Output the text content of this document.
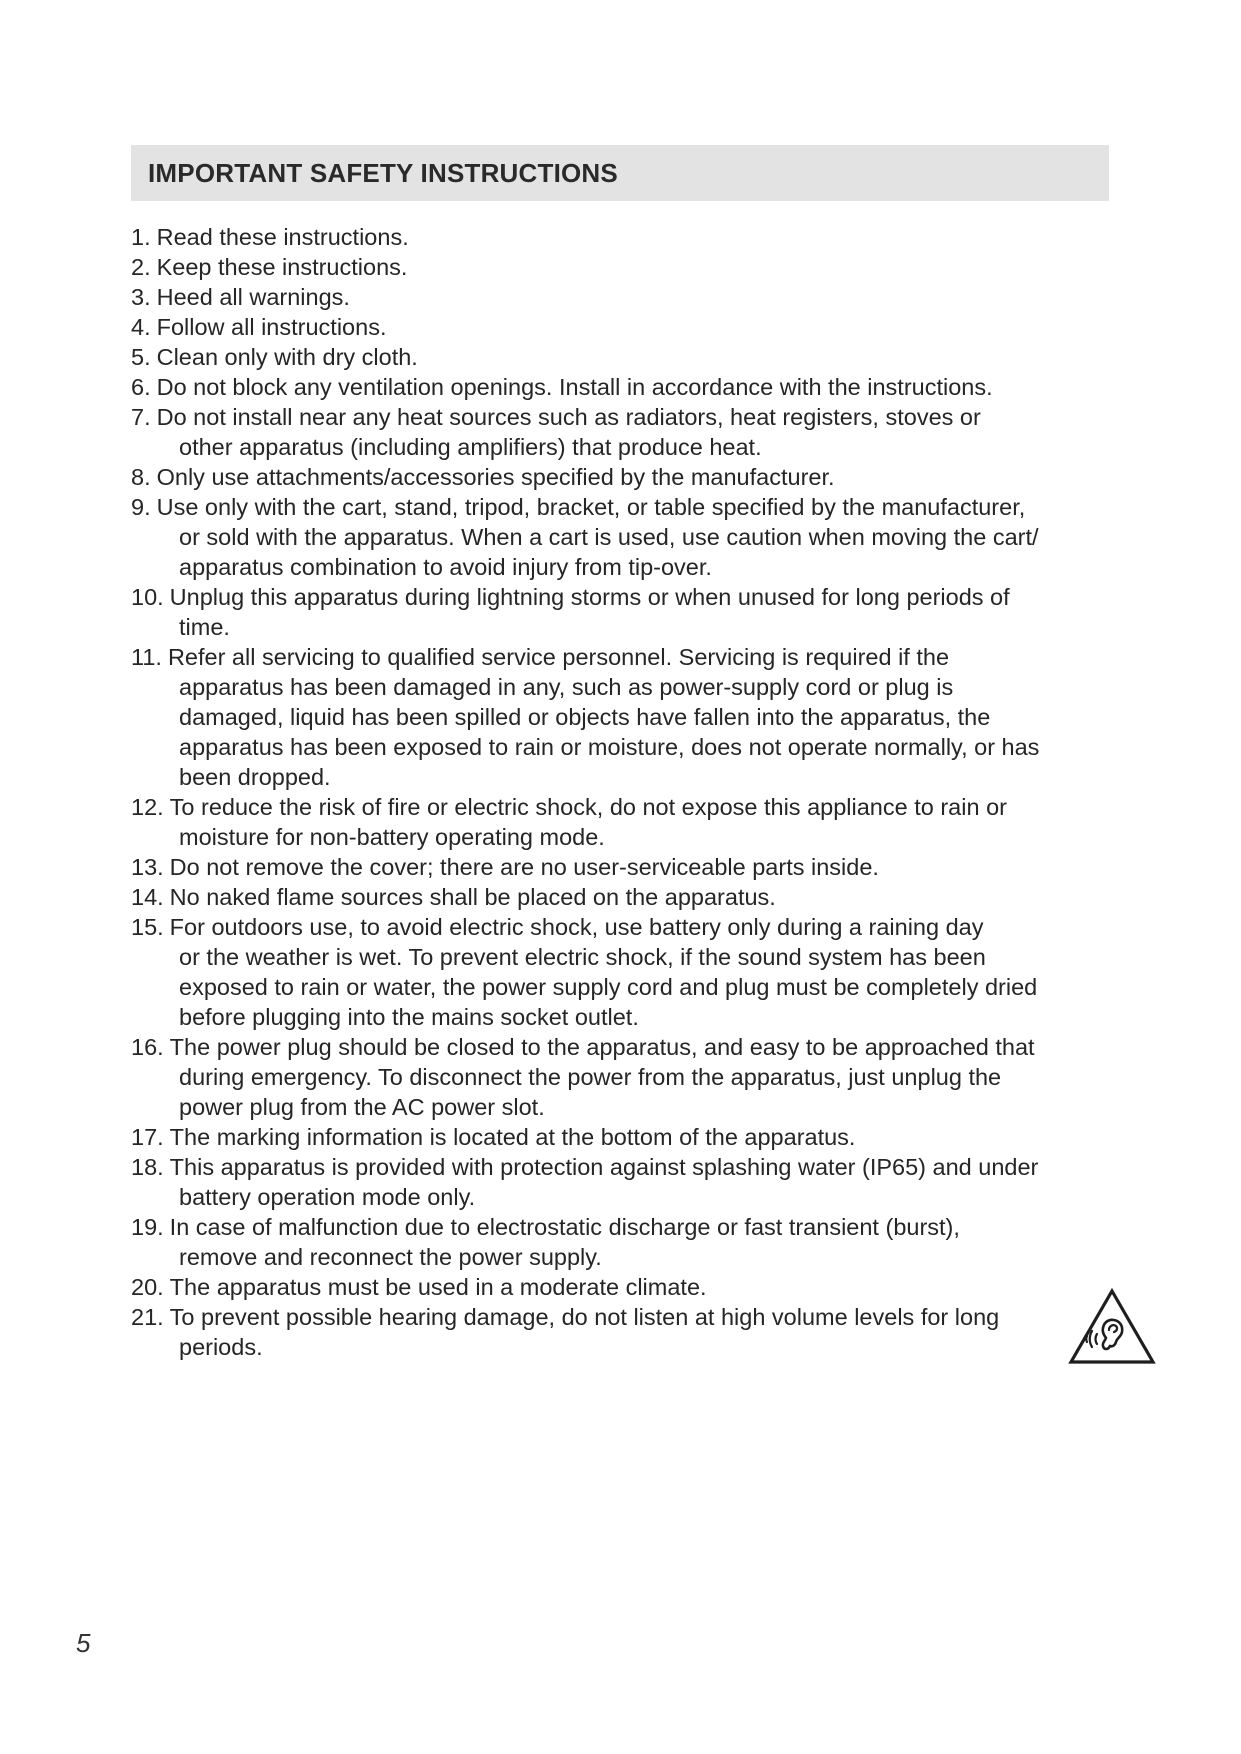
IMPORTANT SAFETY INSTRUCTIONS
1. Read these instructions.
2. Keep these instructions.
3. Heed all warnings.
4. Follow all instructions.
5. Clean only with dry cloth.
6. Do not block any ventilation openings. Install in accordance with the instructions.
7. Do not install near any heat sources such as radiators, heat registers, stoves or
other apparatus (including amplifiers) that produce heat.
8. Only use attachments/accessories specified by the manufacturer.
9. Use only with the cart, stand, tripod, bracket, or table specified by the manufacturer,
or sold with the apparatus. When a cart is used, use caution when moving the cart/
apparatus combination to avoid injury from tip-over.
10. Unplug this apparatus during lightning storms or when unused for long periods of
time.
11. Refer all servicing to qualified service personnel. Servicing is required if the
apparatus has been damaged in any, such as power-supply cord or plug is
damaged, liquid has been spilled or objects have fallen into the apparatus, the
apparatus has been exposed to rain or moisture, does not operate normally, or has
been dropped.
12. To reduce the risk of fire or electric shock, do not expose this appliance to rain or
moisture for non-battery operating mode.
13. Do not remove the cover; there are no user-serviceable parts inside.
14. No naked flame sources shall be placed on the apparatus.
15. For outdoors use, to avoid electric shock, use battery only during a raining day
or the weather is wet. To prevent electric shock, if the sound system has been
exposed to rain or water, the power supply cord and plug must be completely dried
before plugging into the mains socket outlet.
16. The power plug should be closed to the apparatus, and easy to be approached that
during emergency. To disconnect the power from the apparatus, just unplug the
power plug from the AC power slot.
17. The marking information is located at the bottom of the apparatus.
18. This apparatus is provided with protection against splashing water (IP65) and under
battery operation mode only.
19. In case of malfunction due to electrostatic discharge or fast transient (burst),
remove and reconnect the power supply.
20. The apparatus must be used in a moderate climate.
21. To prevent possible hearing damage, do not listen at high volume levels for long
periods.
5
